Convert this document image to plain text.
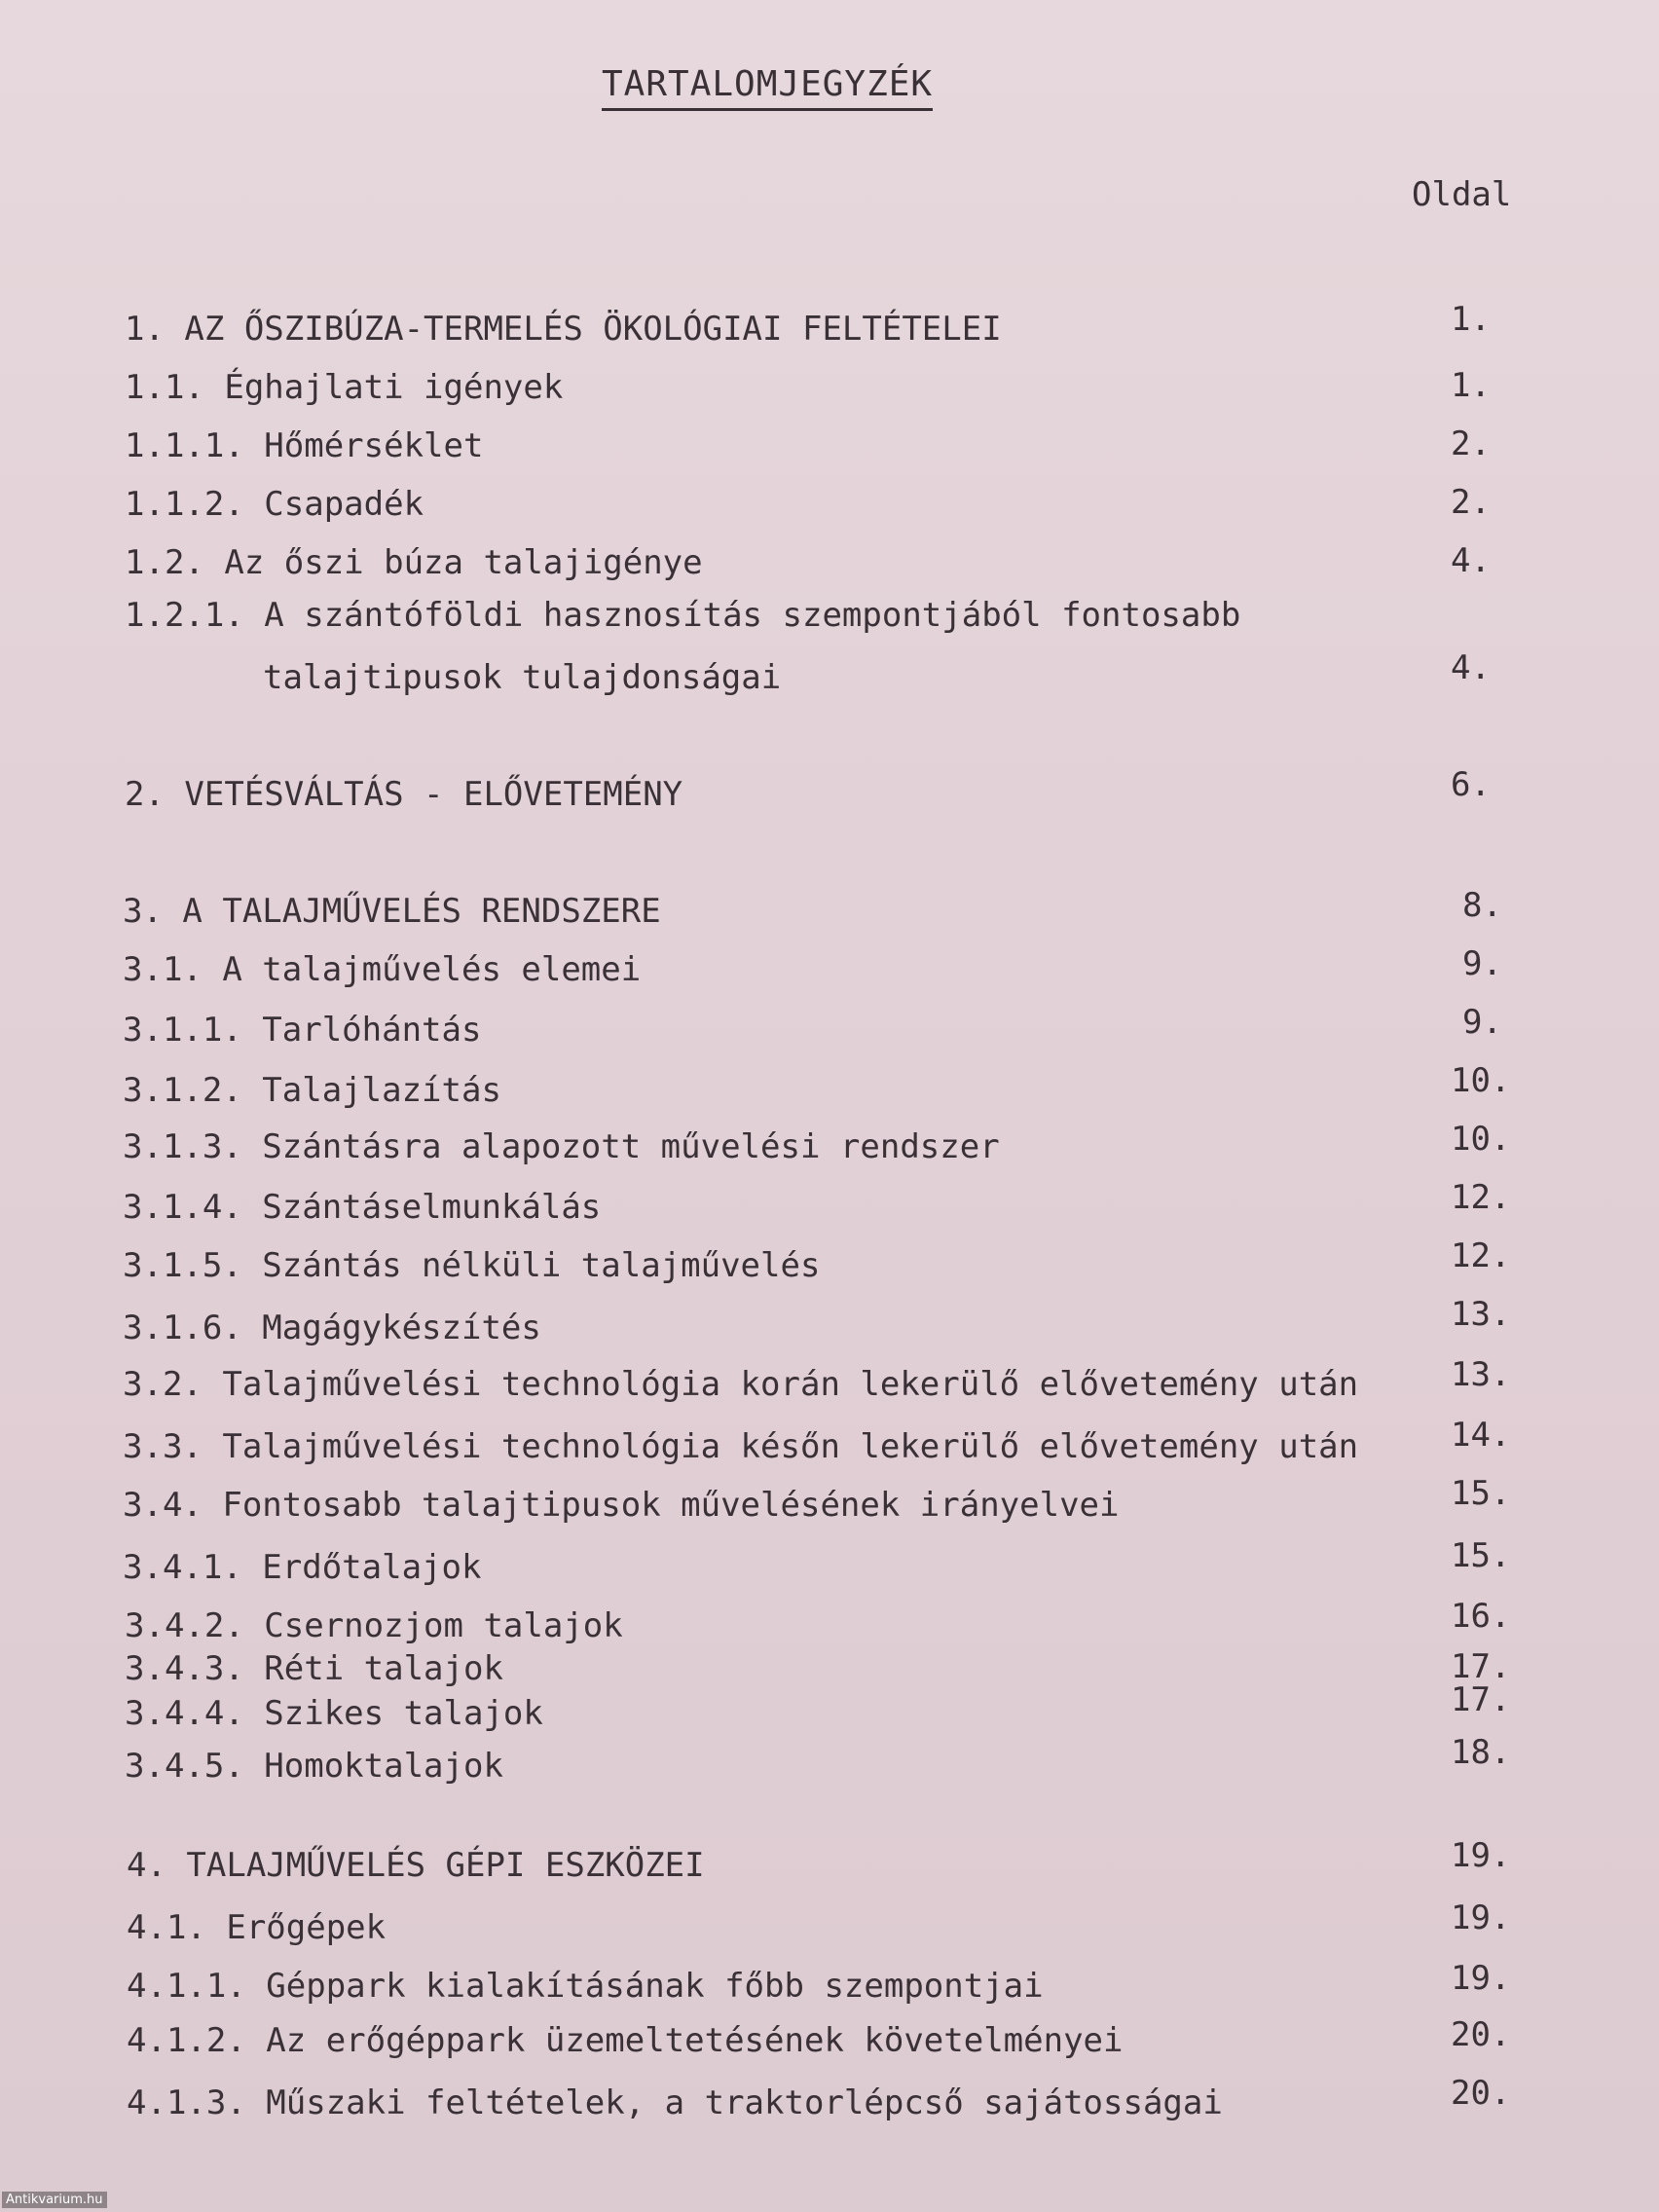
TARTALOMJEGYZÉK
Oldal
1. AZ ŐSZIBÚZA-TERMELÉS ÖKOLÓGIAI FELTÉTELEI	1.
1.1. Éghajlati igények	1.
1.1.1. Hőmérséklet	2.
1.1.2. Csapadék	2.
1.2. Az őszi búza talajigénye	4.
1.2.1. A szántóföldi hasznosítás szempontjából fontosabb
talajtipusok tulajdonságai	4.
2. VETÉSVÁLTÁS - ELŐVETEMÉNY	6.
3. A TALAJMŰVELÉS RENDSZERE	8.
3.1. A talajművelés elemei	9.
3.1.1. Tarlóhántás	9.
3.1.2. Talajlazítás	10.
3.1.3. Szántásra alapozott művelési rendszer	10.
3.1.4. Szántáselmunkálás	12.
3.1.5. Szántás nélküli talajművelés	12.
3.1.6. Magágykészítés	13.
3.2. Talajművelési technológia korán lekerülő elővetemény után	13.
3.3. Talajművelési technológia későn lekerülő elővetemény után	14.
3.4. Fontosabb talajtipusok művelésének irányelvei	15.
3.4.1. Erdőtalajok	15.
3.4.2. Csernozjom talajok	16.
3.4.3. Réti talajok	17.
3.4.4. Szikes talajok	17.
3.4.5. Homoktalajok	18.
4. TALAJMŰVELÉS GÉPI ESZKÖZEI	19.
4.1. Erőgépek	19.
4.1.1. Géppark kialakításának főbb szempontjai	19.
4.1.2. Az erőgéppark üzemeltetésének követelményei	20.
4.1.3. Műszaki feltételek, a traktorlépcső sajátosságai	20.
Antikvarium.hu
